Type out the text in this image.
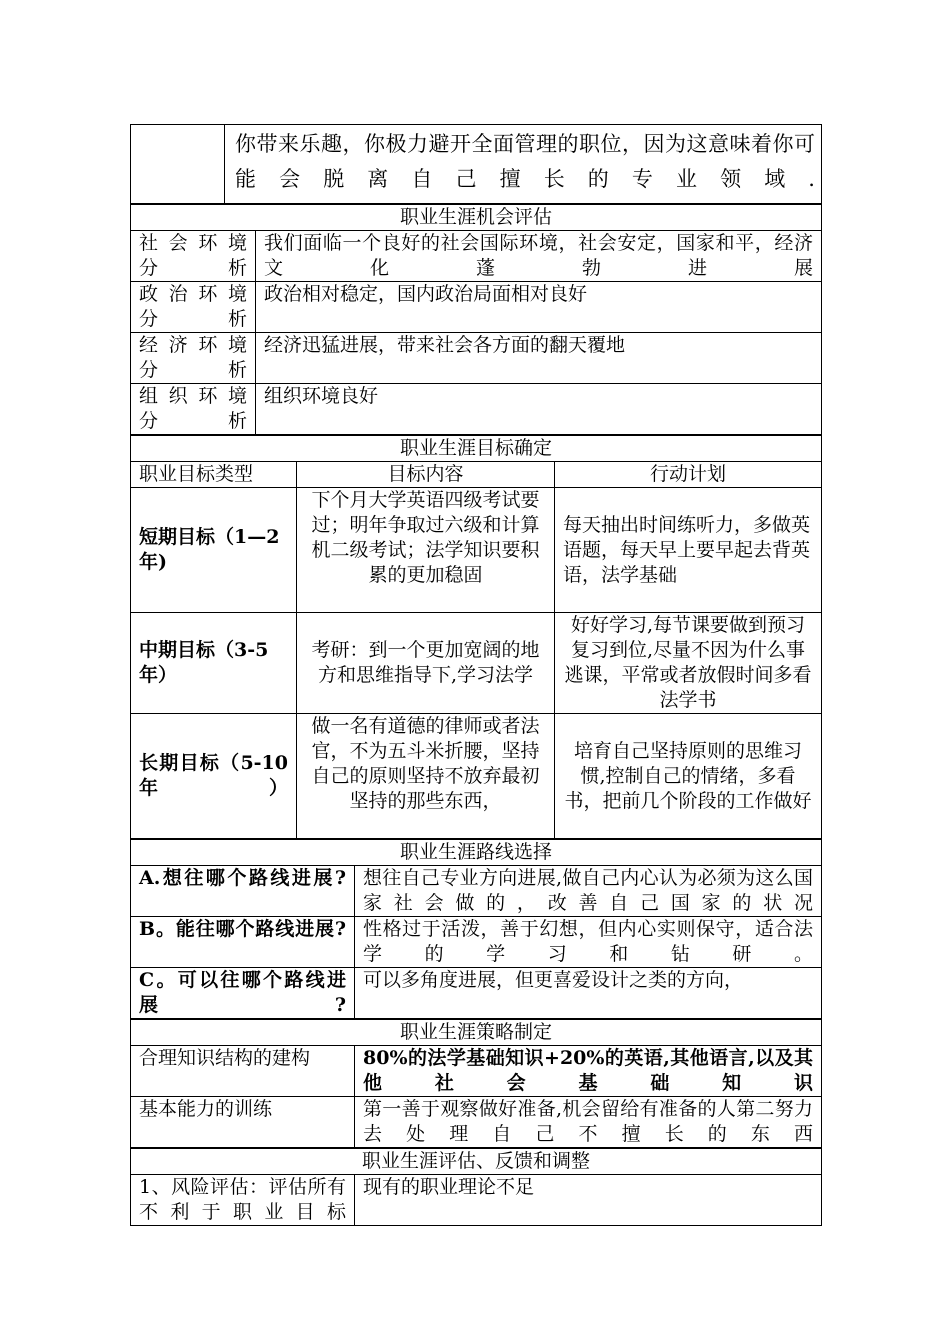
	你带来乐趣，你极力避开全面管理的职位，因为这意味着你可能会脱离自己擅长的专业领域.
职业生涯机会评估	
社 会 环 境 分析	我们面临一个良好的社会国际环境，社会安定，国家和平，经济文化蓬勃进展
政 治 环 境 分析	政治相对稳定，国内政治局面相对良好
经 济 环 境 分析	经济迅猛进展，带来社会各方面的翻天覆地
组 织 环 境 分析	组织环境良好
职业生涯目标确定		
职业目标类型	目标内容	行动计划
短期目标（1—2年)	下个月大学英语四级考试要过；明年争取过六级和计算机二级考试；法学知识要积累的更加稳固	每天抽出时间练听力，多做英语题，每天早上要早起去背英语，法学基础
中期目标（3-5年）	考研：到一个更加宽阔的地方和思维指导下,学习法学	好好学习,每节课要做到预习复习到位,尽量不因为什么事逃课，平常或者放假时间多看法学书
长期目标（5-10年）	做一名有道德的律师或者法官，不为五斗米折腰，坚持自己的原则坚持不放弃最初坚持的那些东西，	培育自己坚持原则的思维习惯,控制自己的情绪，多看书，把前几个阶段的工作做好
职业生涯路线选择	
A.想往哪个路线进展?	想往自己专业方向进展,做自己内心认为必须为这么国家社会做的，改善自己国家的状况
B。能往哪个路线进展?	性格过于活泼，善于幻想，但内心实则保守，适合法学的学习和钻研。
C。可以往哪个路线进展?	可以多角度进展，但更喜爱设计之类的方向，
职业生涯策略制定	
合理知识结构的建构	80%的法学基础知识+20%的英语,其他语言,以及其他社会基础知识
基本能力的训练	第一善于观察做好准备,机会留给有准备的人第二努力去处理自己不擅长的东西
职业生涯评估、反馈和调整
1、风险评估：评估所有不利于职业目标	现有的职业理论不足
